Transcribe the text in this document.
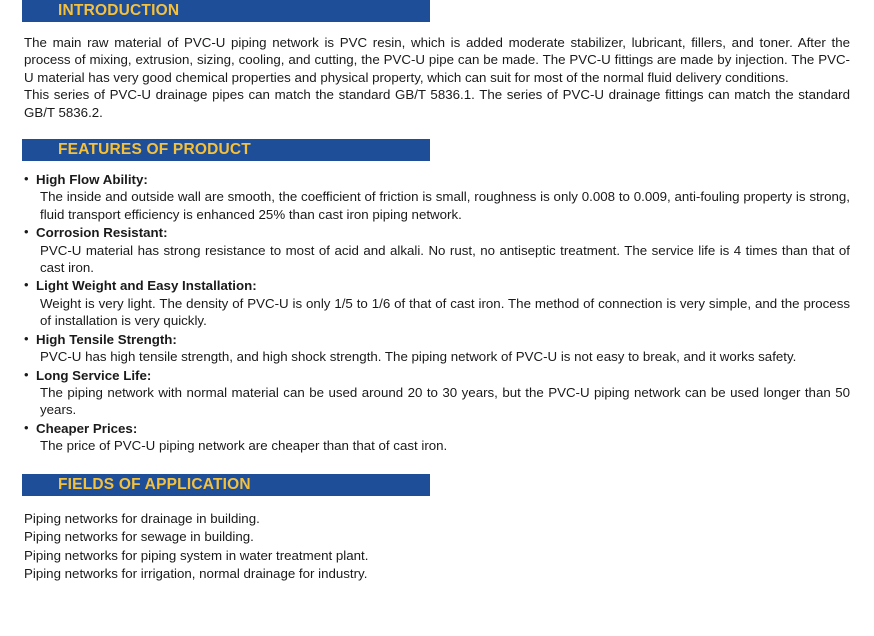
INTRODUCTION

The main raw material of PVC-U piping network is PVC resin, which is added moderate stabilizer, lubricant, fillers, and toner. After the process of mixing, extrusion, sizing, cooling, and cutting, the PVC-U pipe can be made. The PVC-U fittings are made by injection. The PVC-U material has very good chemical properties and physical property, which can suit for most of the normal fluid delivery conditions.

This series of PVC-U drainage pipes can match the standard GB/T 5836.1. The series of PVC-U drainage fittings can match the standard GB/T 5836.2.

FEATURES OF PRODUCT
• High Flow Ability:
The inside and outside wall are smooth, the coefficient of friction is small, roughness is only 0.008 to 0.009, anti-fouling property is strong, fluid transport efficiency is enhanced 25% than cast iron piping network.
• Corrosion Resistant:
PVC-U material has strong resistance to most of acid and alkali. No rust, no antiseptic treatment. The service life is 4 times than that of cast iron.
• Light Weight and Easy Installation:
Weight is very light. The density of PVC-U is only 1/5 to 1/6 of that of cast iron. The method of connection is very simple, and the process of installation is very quickly.
• High Tensile Strength:
PVC-U has high tensile strength, and high shock strength. The piping network of PVC-U is not easy to break, and it works safety.
• Long Service Life:
The piping network with normal material can be used around 20 to 30 years, but the PVC-U piping network can be used longer than 50 years.
• Cheaper Prices:
The price of PVC-U piping network are cheaper than that of cast iron.
FIELDS OF APPLICATION
Piping networks for drainage in building.
Piping networks for sewage in building.
Piping networks for piping system in water treatment plant.
Piping networks for irrigation, normal drainage for industry.
